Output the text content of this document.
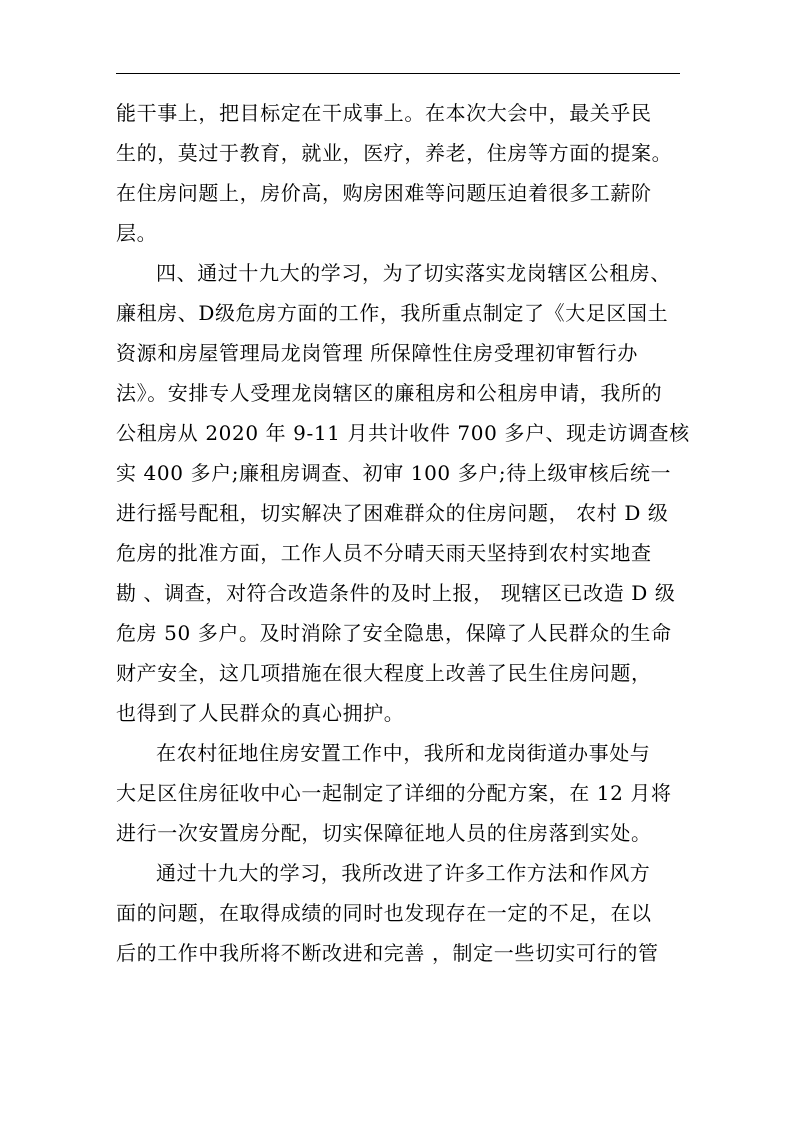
能干事上，把目标定在干成事上。在本次大会中，最关乎民
生的，莫过于教育，就业，医疗，养老，住房等方面的提案。
在住房问题上，房价高，购房困难等问题压迫着很多工薪阶
层。
四、通过十九大的学习，为了切实落实龙岗辖区公租房、
廉租房、D级危房方面的工作，我所重点制定了《大足区国土
资源和房屋管理局龙岗管理 所保障性住房受理初审暂行办
法》。安排专人受理龙岗辖区的廉租房和公租房申请，我所的
公租房从 2020 年 9-11 月共计收件 700 多户、现走访调查核
实 400 多户;廉租房调查、初审 100 多户;待上级审核后统一
进行摇号配租，切实解决了困难群众的住房问题， 农村 D 级
危房的批准方面，工作人员不分晴天雨天坚持到农村实地查
勘 、调查，对符合改造条件的及时上报， 现辖区已改造 D 级
危房 50 多户。及时消除了安全隐患，保障了人民群众的生命
财产安全，这几项措施在很大程度上改善了民生住房问题，
也得到了人民群众的真心拥护。
在农村征地住房安置工作中，我所和龙岗街道办事处与
大足区住房征收中心一起制定了详细的分配方案，在 12 月将
进行一次安置房分配，切实保障征地人员的住房落到实处。
通过十九大的学习，我所改进了许多工作方法和作风方
面的问题，在取得成绩的同时也发现存在一定的不足，在以
后的工作中我所将不断改进和完善 ，制定一些切实可行的管
